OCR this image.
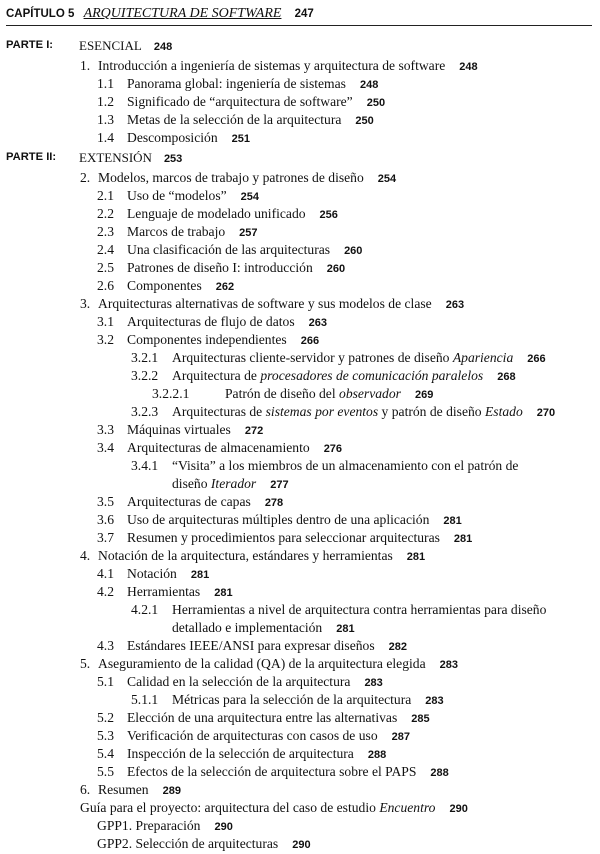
CAPÍTULO 5 ARQUITECTURA DE SOFTWARE 247
PARTE I: ESENCIAL 248
PARTE II: EXTENSIÓN 253
1. Introducción a ingeniería de sistemas y arquitectura de software 248
1.1 Panorama global: ingeniería de sistemas 248
1.2 Significado de “arquitectura de software” 250
1.3 Metas de la selección de la arquitectura 250
1.4 Descomposición 251
2. Modelos, marcos de trabajo y patrones de diseño 254
2.1 Uso de “modelos” 254
2.2 Lenguaje de modelado unificado 256
2.3 Marcos de trabajo 257
2.4 Una clasificación de las arquitecturas 260
2.5 Patrones de diseño I: introducción 260
2.6 Componentes 262
3. Arquitecturas alternativas de software y sus modelos de clase 263
3.1 Arquitecturas de flujo de datos 263
3.2 Componentes independientes 266
3.2.1 Arquitecturas cliente-servidor y patrones de diseño Apariencia 266
3.2.2 Arquitectura de procesadores de comunicación paralelos 268
3.2.2.1	Patrón de diseño del observador 269
3.2.3 Arquitecturas de sistemas por eventos y patrón de diseño Estado 270
3.3 Máquinas virtuales 272
3.4 Arquitecturas de almacenamiento 276
3.4.1 “Visita” a los miembros de un almacenamiento con el patrón de
diseño Iterador 277
3.5 Arquitecturas de capas 278
3.6 Uso de arquitecturas múltiples dentro de una aplicación 281
3.7 Resumen y procedimientos para seleccionar arquitecturas 281
4. Notación de la arquitectura, estándares y herramientas 281
4.1 Notación 281
4.2 Herramientas 281
4.2.1 Herramientas a nivel de arquitectura contra herramientas para diseño
detallado e implementación 281
4.3 Estándares IEEE/ANSI para expresar diseños 282
5. Aseguramiento de la calidad (QA) de la arquitectura elegida 283
5.1 Calidad en la selección de la arquitectura 283
5.1.1 Métricas para la selección de la arquitectura 283
5.2 Elección de una arquitectura entre las alternativas 285
5.3 Verificación de arquitecturas con casos de uso 287
5.4 Inspección de la selección de arquitectura 288
5.5 Efectos de la selección de arquitectura sobre el PAPS 288
6. Resumen 289
Guía para el proyecto: arquitectura del caso de estudio Encuentro 290
GPP1. Preparación 290
GPP2. Selección de arquitecturas 290
